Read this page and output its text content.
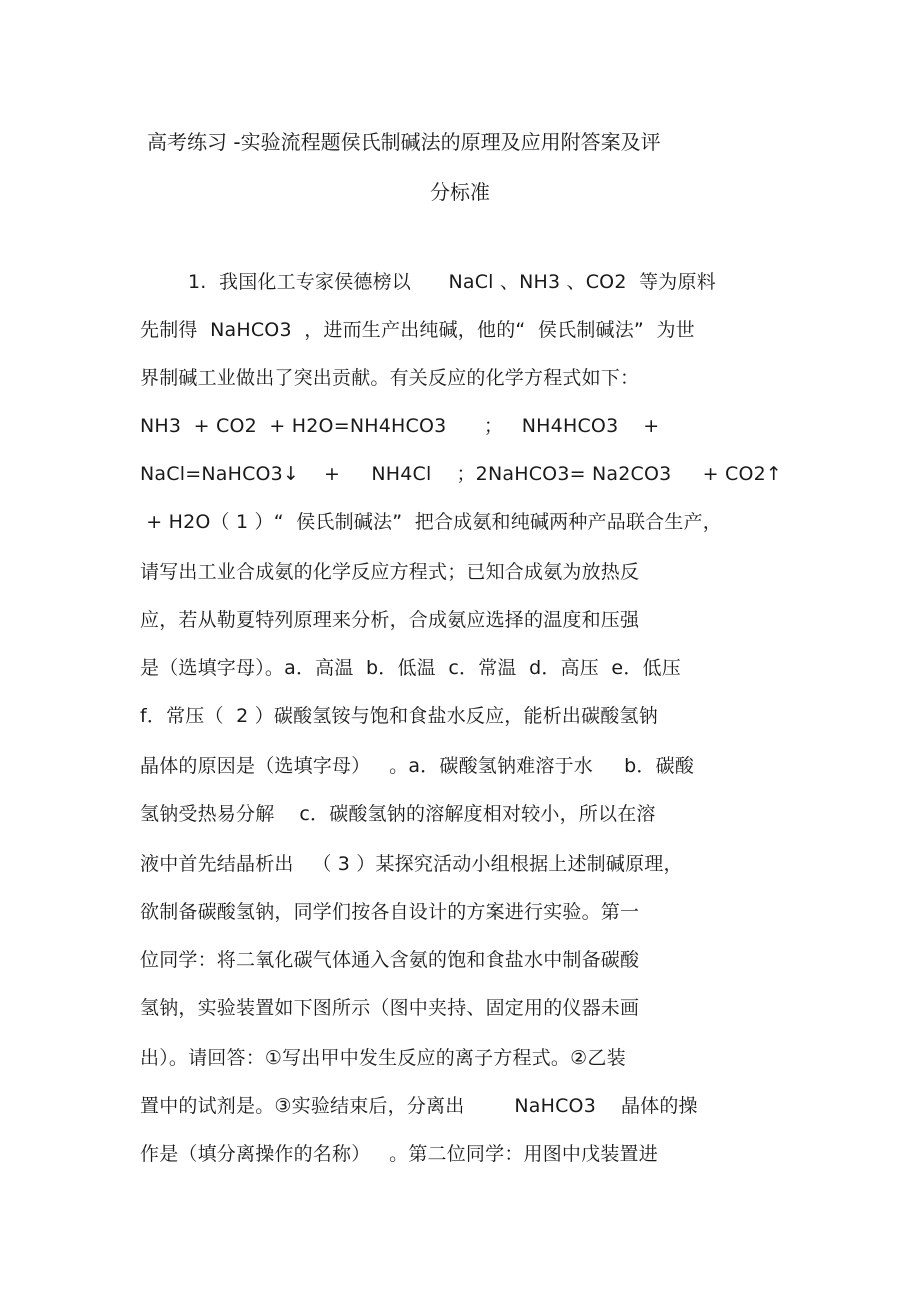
高考练习 -实验流程题侯氏制碱法的原理及应用附答案及评
分标准
1.  我国化工专家侯德榜以      NaCl 、NH3 、CO2  等为原料
先制得  NaHCO3  ，进而生产出纯碱，他的“  侯氏制碱法”  为世
界制碱工业做出了突出贡献。有关反应的化学方程式如下：
NH3  + CO2  + H2O=NH4HCO3      ；   NH4HCO3    +
NaCl=NaHCO3↓    +     NH4Cl    ；2NaHCO3= Na2CO3     + CO2↑
+ H2O（ 1 ）“  侯氏制碱法”  把合成氨和纯碱两种产品联合生产，
请写出工业合成氨的化学反应方程式；已知合成氨为放热反
应，若从勒夏特列原理来分析，合成氨应选择的温度和压强
是（选填字母）。a．高温  b．低温  c．常温  d．高压  e．低压
f．常压（  2 ）碳酸氢铵与饱和食盐水反应，能析出碳酸氢钠
晶体的原因是（选填字母）   。a．碳酸氢钠难溶于水     b．碳酸
氢钠受热易分解    c．碳酸氢钠的溶解度相对较小，所以在溶
液中首先结晶析出   （ 3 ）某探究活动小组根据上述制碱原理，
欲制备碳酸氢钠，同学们按各自设计的方案进行实验。第一
位同学：将二氧化碳气体通入含氨的饱和食盐水中制备碳酸
氢钠，实验装置如下图所示（图中夹持、固定用的仪器未画
出）。请回答：①写出甲中发生反应的离子方程式。②乙装
置中的试剂是。③实验结束后，分离出        NaHCO3    晶体的操
作是（填分离操作的名称）   。第二位同学：用图中戊装置进
